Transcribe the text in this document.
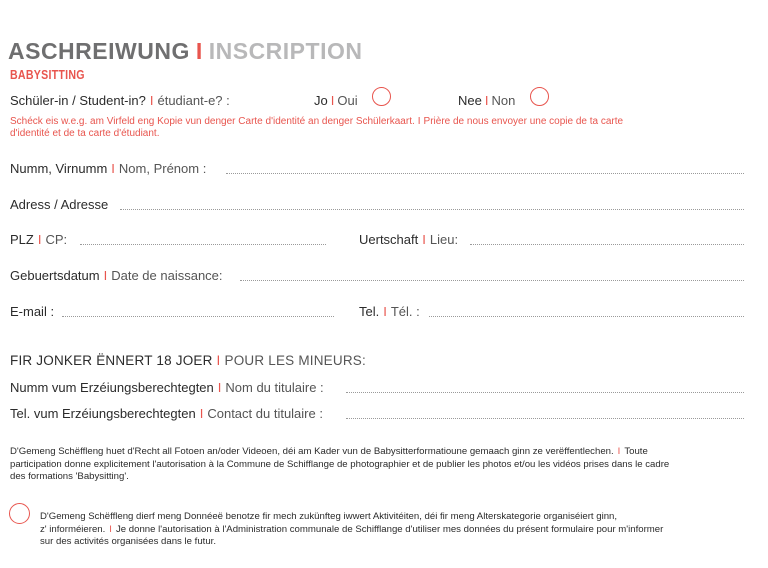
ASCHREIWUNG I INSCRIPTION
BABYSITTING
Schüler-in / Student-in? I étudiant-e? :	Jo I Oui	Nee I Non
Schéck eis w.e.g. am Virfeld eng Kopie vun denger Carte d'identité an denger Schülerkaart. I Prière de nous envoyer une copie de ta carte
d'identité et de ta carte d'étudiant.
Numm, Virnumm I Nom, Prénom :
Adress / Adresse
PLZ I CP:	Uertschaft I Lieu:
Gebuertsdatum I Date de naissance:
E-mail :	Tel. I Tél. :
FIR JONKER ËNNERT 18 JOER I POUR LES MINEURS:
Numm vum Erzéiungsberechtegten I Nom du titulaire :
Tel. vum Erzéiungsberechtegten I Contact du titulaire :
D'Gemeng Schëffleng huet d'Recht all Fotoen an/oder Videoen, déi am Kader vun de Babysitterformatioune gemaach ginn ze verëffentlechen. I Toute
participation donne explicitement l'autorisation à la Commune de Schifflange de photographier et de publier les photos et/ou les vidéos prises dans le cadre
des formations 'Babysitting'.
D'Gemeng Schëffleng dierf meng Donnéeë benotze fir mech zukünfteg iwwert Aktivitéiten, déi fir meng Alterskategorie organiséiert ginn,
z' informéieren. I Je donne l'autorisation à l'Administration communale de Schifflange d'utiliser mes données du présent formulaire pour m'informer
sur des activités organisées dans le futur.
